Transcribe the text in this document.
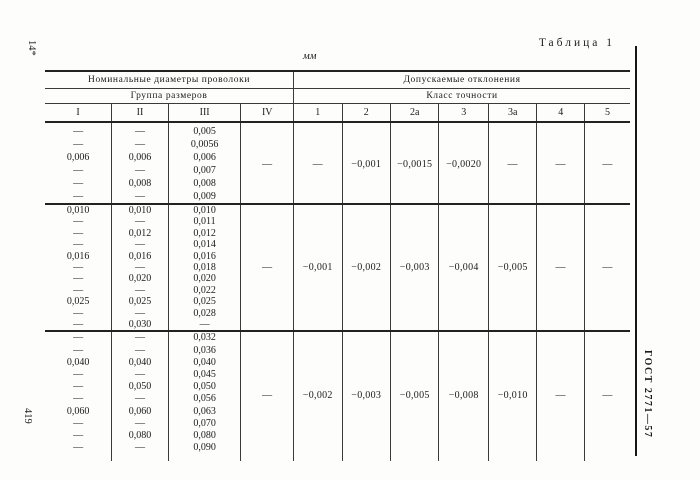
14*
419	ГОСТ 2771—57
Таблица 1
мм
Номинальные диаметры проволоки				Допускаемые отклонения						
Группа размеров				Класс точности						
I	II	III	IV	1	2	2а	3	3а	4	5
—	—	0,005	—	—	−0,001	−0,0015	−0,0020	—	—	—
—	—	0,0056								
0,006	0,006	0,006								
—	—	0,007								
—	0,008	0,008								
—	—	0,009								
0,010	0,010	0,010	—	−0,001	−0,002	−0,003	−0,004	−0,005	—	—
—	—	0,011								
—	0,012	0,012								
—	—	0,014								
0,016	0,016	0,016								
—	—	0,018								
—	0,020	0,020								
—	—	0,022								
0,025	0,025	0,025								
—	—	0,028								
—	0,030	—								
—	—	0,032	—	−0,002	−0,003	−0,005	−0,008	−0,010	—	—
—	—	0,036								
0,040	0,040	0,040								
—	—	0,045								
—	0,050	0,050								
—	—	0,056								
0,060	0,060	0,063								
—	—	0,070								
—	0,080	0,080								
—	—	0,090								
